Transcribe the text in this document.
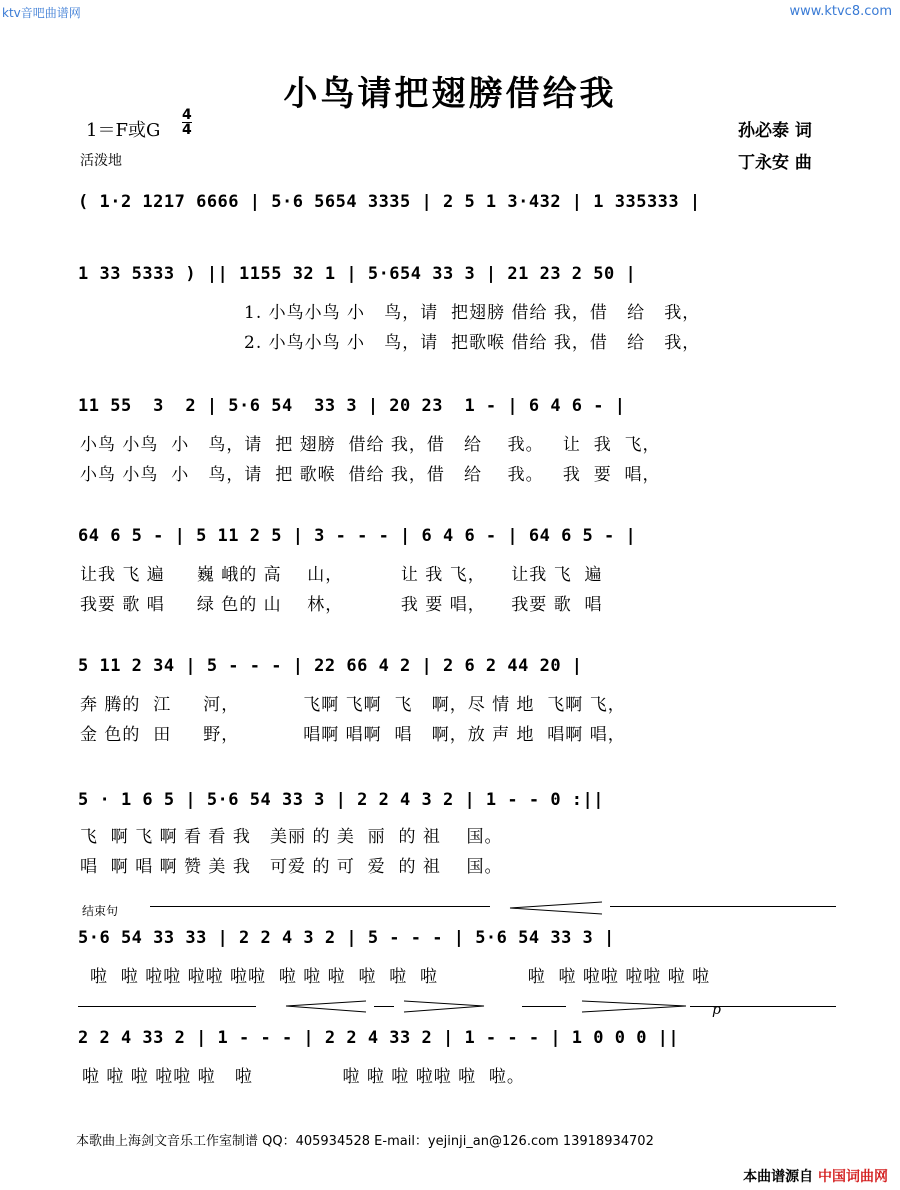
ktv音吧曲谱网	www.ktvc8.com
小鸟请把翅膀借给我
1＝F或G
4
4
活泼地
孙必泰 词
丁永安 曲
( 1·2 1217 6666 | 5·6 5654 3335 | 2 5 1 3·432 | 1 335333 |
1 33 5333 ) || 1155 32 1 | 5·654 33 3 | 21 23 2 50 |
1. 小鸟小鸟 小   鸟，请  把翅膀 借给 我，借   给   我，
2. 小鸟小鸟 小   鸟，请  把歌喉 借给 我，借   给   我，
11 55  3  2 | 5·6 54  33 3 | 20 23  1 - | 6 4 6 - |
小鸟 小鸟  小   鸟，请  把 翅膀  借给 我，借   给    我。   让  我  飞，
小鸟 小鸟  小   鸟，请  把 歌喉  借给 我，借   给    我。   我  要  唱，
64 6 5 - | 5 11 2 5 | 3 - - - | 6 4 6 - | 64 6 5 - |
让我 飞 遍     巍 峨的 高    山，         让 我 飞，    让我 飞  遍
我要 歌 唱     绿 色的 山    林，         我 要 唱，    我要 歌  唱
5 11 2 34 | 5 - - - | 22 66 4 2 | 2 6 2 44 20 |
奔 腾的  江     河，          飞啊 飞啊  飞   啊，尽 情 地  飞啊 飞，
金 色的  田     野，          唱啊 唱啊  唱   啊，放 声 地  唱啊 唱，
5 · 1 6 5 | 5·6 54 33 3 | 2 2 4 3 2 | 1 - - 0 :||
飞  啊 飞 啊 看 看 我   美丽 的 美  丽  的 祖    国。
唱  啊 唱 啊 赞 美 我   可爱 的 可  爱  的 祖    国。
结束句
5·6 54 33 33 | 2 2 4 3 2 | 5 - - - | 5·6 54 33 3 |
啦  啦 啦啦 啦啦 啦啦  啦 啦 啦  啦  啦  啦              啦  啦 啦啦 啦啦 啦 啦
p
2 2 4 33 2 | 1 - - - | 2 2 4 33 2 | 1 - - - | 1 0 0 0 ||
啦 啦 啦 啦啦 啦   啦              啦 啦 啦 啦啦 啦  啦。
本歌曲上海剑文音乐工作室制谱 QQ：405934528 E-mail：yejinji_an@126.com 13918934702
本曲谱源自 中国词曲网
